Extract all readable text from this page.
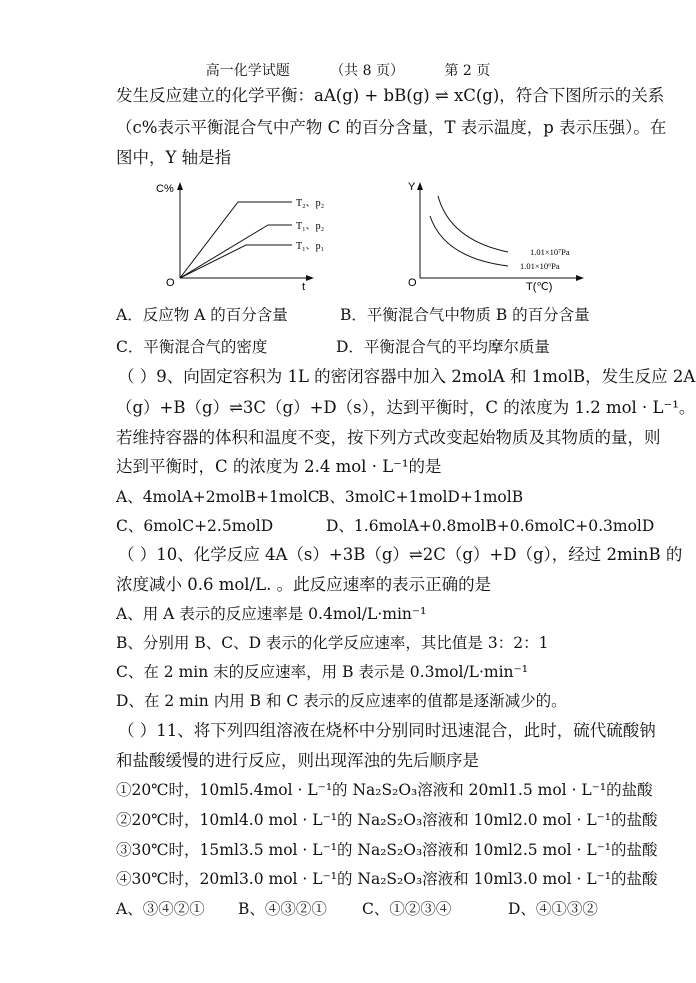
高一化学试题	（共 8 页）	第 2 页
发生反应建立的化学平衡：aA(g) + bB(g) ⇌ xC(g)，符合下图所示的关系
（c%表示平衡混合气中产物 C 的百分含量，T 表示温度，p 表示压强）。在
图中，Y 轴是指
C%
O	t
T₂、p₂
T₁、p₂
T₁、p₁
Y
O	T(℃)
1.01×10⁷Pa
1.01×10⁶Pa
A．反应物 A 的百分含量	B．平衡混合气中物质 B 的百分含量
C．平衡混合气的密度	D．平衡混合气的平均摩尔质量
（ ）9、向固定容积为 1L 的密闭容器中加入 2molA 和 1molB，发生反应 2A
（g）+B（g）⇌3C（g）+D（s），达到平衡时，C 的浓度为 1.2 mol · L⁻¹。
若维持容器的体积和温度不变，按下列方式改变起始物质及其物质的量，则
达到平衡时，C 的浓度为 2.4 mol · L⁻¹的是
A、4molA+2molB+1molC
B、3molC+1molD+1molB
C、6molC+2.5molD	D、1.6molA+0.8molB+0.6molC+0.3molD
（ ）10、化学反应 4A（s）+3B（g）⇌2C（g）+D（g），经过 2minB 的
浓度减小 0.6 mol/L. 。此反应速率的表示正确的是
A、用 A 表示的反应速率是 0.4mol/L·min⁻¹
B、分别用 B、C、D 表示的化学反应速率，其比值是 3：2：1
C、在 2 min 末的反应速率，用 B 表示是 0.3mol/L·min⁻¹
D、在 2 min 内用 B 和 C 表示的反应速率的值都是逐渐减少的。
（ ）11、将下列四组溶液在烧杯中分别同时迅速混合，此时，硫代硫酸钠
和盐酸缓慢的进行反应，则出现浑浊的先后顺序是
①20℃时，10ml5.4mol · L⁻¹的 Na₂S₂O₃溶液和 20ml1.5 mol · L⁻¹的盐酸
②20℃时，10ml4.0 mol · L⁻¹的 Na₂S₂O₃溶液和 10ml2.0 mol · L⁻¹的盐酸
③30℃时，15ml3.5 mol · L⁻¹的 Na₂S₂O₃溶液和 10ml2.5 mol · L⁻¹的盐酸
④30℃时，20ml3.0 mol · L⁻¹的 Na₂S₂O₃溶液和 10ml3.0 mol · L⁻¹的盐酸
A、③④②① B、④③②① C、①②③④	D、④①③②
